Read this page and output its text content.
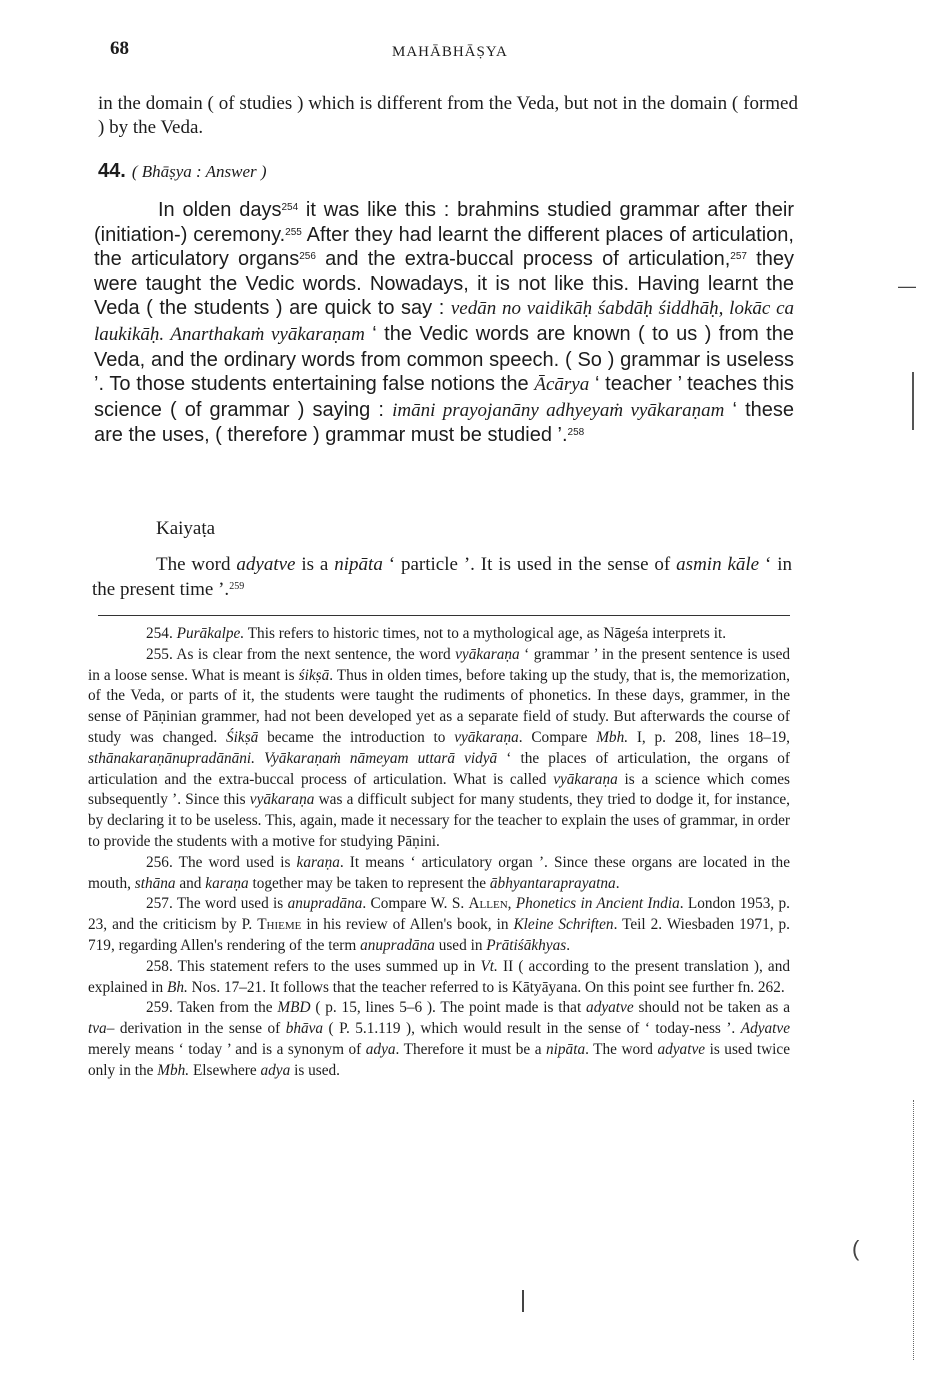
68	MAHĀBHĀṢYA
in the domain ( of studies ) which is different from the Veda, but not in the domain ( formed ) by the Veda.
44. ( Bhāṣya : Answer )

In olden days$^{254}$ it was like this : brahmins studied grammar after their (initiation-) ceremony.$^{255}$ After they had learnt the different places of articulation, the articulatory organs$^{256}$ and the extra-buccal process of articulation,$^{257}$ they were taught the Vedic words. Nowadays, it is not like this. Having learnt the Veda ( the students ) are quick to say : vedān no vaidikāḥ śabdāḥ śiddhāḥ, lokāc ca laukikāḥ. Anarthakaṁ vyākaraṇam ‘ the Vedic words are known ( to us ) from the Veda, and the ordinary words from common speech. ( So ) grammar is useless ’. To those students entertaining false notions the Ācārya ‘ teacher ’ teaches this science ( of grammar ) saying : imāni prayojanāny adhyeyaṁ vyākaraṇam ‘ these are the uses, ( therefore ) grammar must be studied ’.$^{258}$

Kaiyaṭa

The word adyatve is a nipāta ‘ particle ’. It is used in the sense of asmin kāle ‘ in the present time ’.$^{259}$

254. Purākalpe. This refers to historic times, not to a mythological age, as Nāgeśa interprets it.

255. As is clear from the next sentence, the word vyākaraṇa ‘ grammar ’ in the present sentence is used in a loose sense. What is meant is śikṣā. Thus in olden times, before taking up the study, that is, the memorization, of the Veda, or parts of it, the students were taught the rudiments of phonetics. In these days, grammer, in the sense of Pāṇinian grammer, had not been developed yet as a separate field of study. But afterwards the course of study was changed. Śikṣā became the introduction to vyākaraṇa. Compare Mbh. I, p. 208, lines 18–19, sthānakaraṇānupradānāni. Vyākaraṇaṁ nāmeyam uttarā vidyā ‘ the places of articulation, the organs of articulation and the extra-buccal process of articulation. What is called vyākaraṇa is a science which comes subsequently ’. Since this vyākaraṇa was a difficult subject for many students, they tried to dodge it, for instance, by declaring it to be useless. This, again, made it necessary for the teacher to explain the uses of grammar, in order to provide the students with a motive for studying Pāṇini.

256. The word used is karaṇa. It means ‘ articulatory organ ’. Since these organs are located in the mouth, sthāna and karaṇa together may be taken to represent the ābhyantaraprayatna.

257. The word used is anupradāna. Compare W. S. Allen, Phonetics in Ancient India. London 1953, p. 23, and the criticism by P. Thieme in his review of Allen's book, in Kleine Schriften. Teil 2. Wiesbaden 1971, p. 719, regarding Allen's rendering of the term anupradāna used in Prātiśākhyas.

258. This statement refers to the uses summed up in Vt. II ( according to the present translation ), and explained in Bh. Nos. 17–21. It follows that the teacher referred to is Kātyāyana. On this point see further fn. 262.

259. Taken from the MBD ( p. 15, lines 5–6 ). The point made is that adyatve should not be taken as a tva– derivation in the sense of bhāva ( P. 5.1.119 ), which would result in the sense of ‘ today-ness ’. Adyatve merely means ‘ today ’ and is a synonym of adya. Therefore it must be a nipāta. The word adyatve is used twice only in the Mbh. Elsewhere adya is used.

—
(
